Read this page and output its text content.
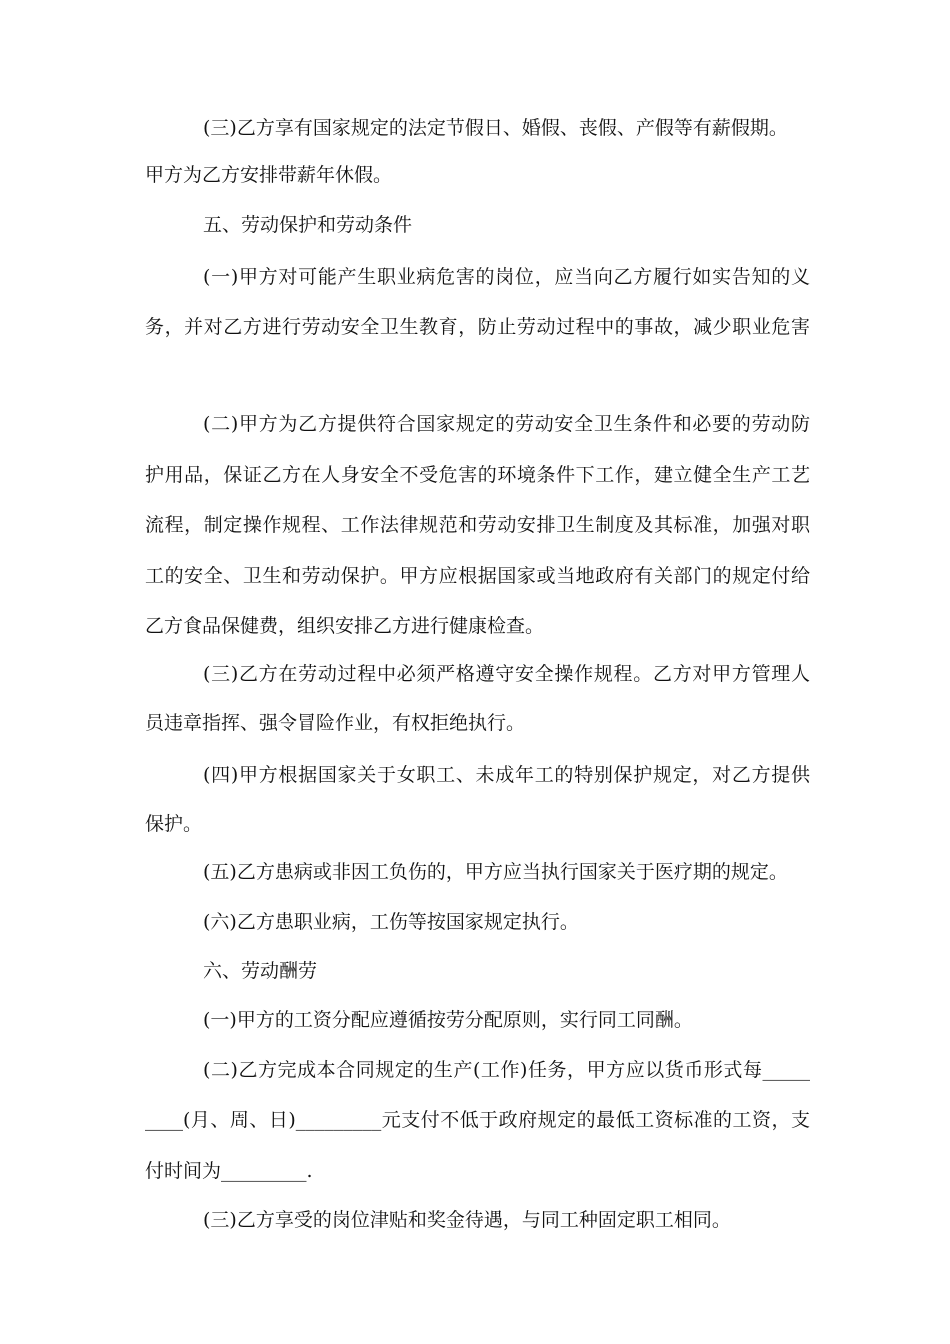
(三)乙方享有国家规定的法定节假日、婚假、丧假、产假等有薪假期。
甲方为乙方安排带薪年休假。
五、劳动保护和劳动条件
(一)甲方对可能产生职业病危害的岗位，应当向乙方履行如实告知的义
务，并对乙方进行劳动安全卫生教育，防止劳动过程中的事故，减少职业危害
(二)甲方为乙方提供符合国家规定的劳动安全卫生条件和必要的劳动防
护用品，保证乙方在人身安全不受危害的环境条件下工作，建立健全生产工艺
流程，制定操作规程、工作法律规范和劳动安排卫生制度及其标准，加强对职
工的安全、卫生和劳动保护。甲方应根据国家或当地政府有关部门的规定付给
乙方食品保健费，组织安排乙方进行健康检查。
(三)乙方在劳动过程中必须严格遵守安全操作规程。乙方对甲方管理人
员违章指挥、强令冒险作业，有权拒绝执行。
(四)甲方根据国家关于女职工、未成年工的特别保护规定，对乙方提供
保护。
(五)乙方患病或非因工负伤的，甲方应当执行国家关于医疗期的规定。
(六)乙方患职业病，工伤等按国家规定执行。
六、劳动酬劳
(一)甲方的工资分配应遵循按劳分配原则，实行同工同酬。
(二)乙方完成本合同规定的生产(工作)任务，甲方应以货币形式每_____
____(月、周、日)_________元支付不低于政府规定的最低工资标准的工资，支
付时间为_________.
(三)乙方享受的岗位津贴和奖金待遇，与同工种固定职工相同。
